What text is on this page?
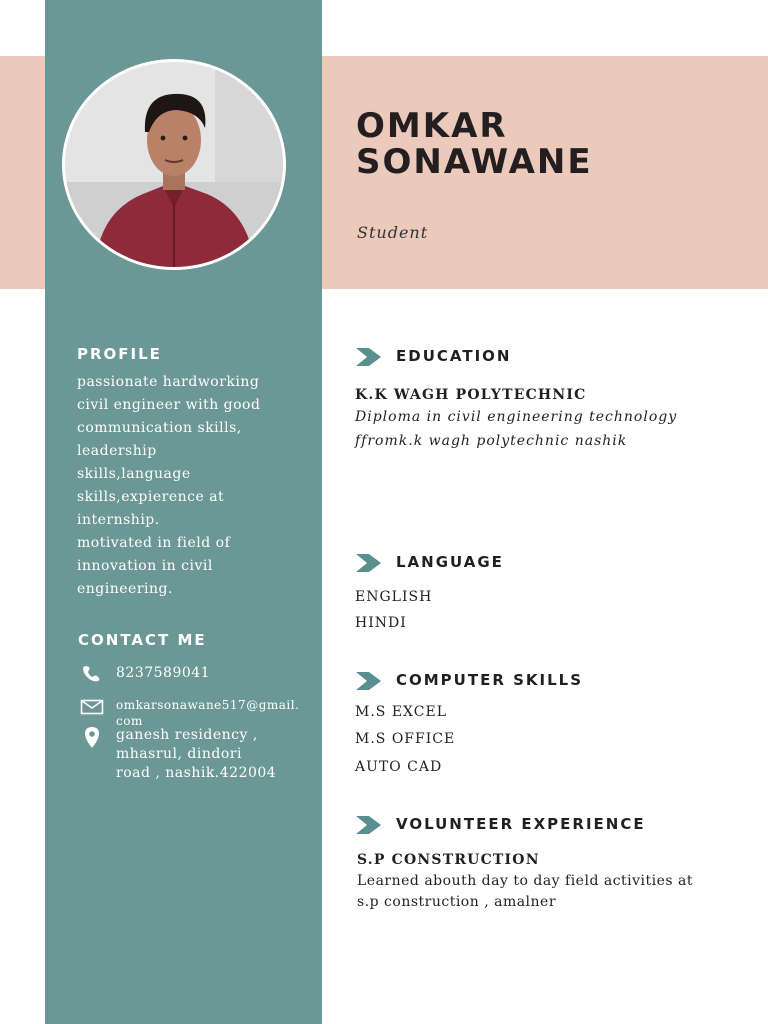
OMKAR
SONAWANE
Student
PROFILE
passionate hardworking
civil engineer with good
communication skills,
leadership
skills,language
skills,expierence at
internship.
motivated in field of
innovation in civil
engineering.
CONTACT ME
8237589041
omkarsonawane517@gmail.
com
ganesh residency ,
mhasrul, dindori
road , nashik.422004
EDUCATION
K.K WAGH POLYTECHNIC
Diploma in civil engineering technology
ffromk.k wagh polytechnic nashik
LANGUAGE
ENGLISH
HINDI
COMPUTER SKILLS
M.S EXCEL
M.S OFFICE
AUTO CAD
VOLUNTEER EXPERIENCE
S.P CONSTRUCTION
Learned abouth day to day field activities at
s.p construction , amalner
